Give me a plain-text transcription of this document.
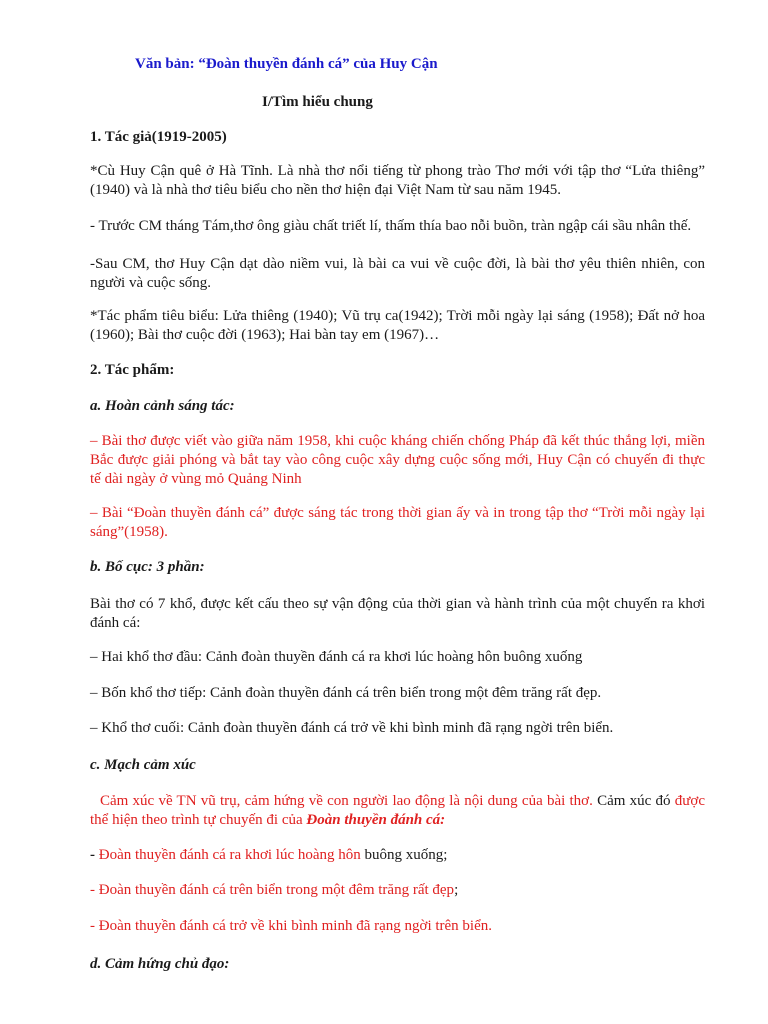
Văn bản: “Đoàn thuyền đánh cá” của Huy Cận

I/Tìm hiểu chung

1. Tác giả(1919-2005)

*Cù Huy Cận quê ở Hà Tĩnh. Là nhà thơ nổi tiếng từ phong trào Thơ mới với tập thơ “Lửa thiêng” (1940) và là nhà thơ tiêu biểu cho nền thơ hiện đại Việt Nam từ sau năm 1945.

- Trước CM tháng Tám,thơ ông giàu chất triết lí, thấm thía bao nỗi buồn, tràn ngập cái sầu nhân thế.

-Sau CM, thơ Huy Cận dạt dào niềm vui, là bài ca vui về cuộc đời, là bài thơ yêu thiên nhiên, con người và cuộc sống.

*Tác phẩm tiêu biểu: Lửa thiêng (1940); Vũ trụ ca(1942); Trời mỗi ngày lại sáng (1958); Đất nở hoa (1960); Bài thơ cuộc đời (1963); Hai bàn tay em (1967)…

2. Tác phẩm:

a. Hoàn cảnh sáng tác:

– Bài thơ được viết vào giữa năm 1958, khi cuộc kháng chiến chống Pháp đã kết thúc thắng lợi, miền Bắc được giải phóng và bắt tay vào công cuộc xây dựng cuộc sống mới, Huy Cận có chuyến đi thực tế dài ngày ở vùng mỏ Quảng Ninh

– Bài “Đoàn thuyền đánh cá” được sáng tác trong thời gian ấy và in trong tập thơ “Trời mỗi ngày lại sáng”(1958).

b. Bố cục: 3 phần:

Bài thơ có 7 khổ, được kết cấu theo sự vận động của thời gian và hành trình của một chuyến ra khơi đánh cá:

– Hai khổ thơ đầu: Cảnh đoàn thuyền đánh cá ra khơi lúc hoàng hôn buông xuống

– Bốn khổ thơ tiếp: Cảnh đoàn thuyền đánh cá trên biển trong một đêm trăng rất đẹp.

– Khổ thơ cuối: Cảnh đoàn thuyền đánh cá trở về khi bình minh đã rạng ngời trên biển.

c. Mạch cảm xúc

Cảm xúc về TN vũ trụ, cảm hứng về con người lao động là nội dung của bài thơ. Cảm xúc đó được thể hiện theo trình tự chuyến đi của Đoàn thuyền đánh cá:

- Đoàn thuyền đánh cá ra khơi lúc hoàng hôn buông xuống;

- Đoàn thuyền đánh cá trên biển trong một đêm trăng rất đẹp;

- Đoàn thuyền đánh cá trở về khi bình minh đã rạng ngời trên biển.

d. Cảm hứng chủ đạo:
